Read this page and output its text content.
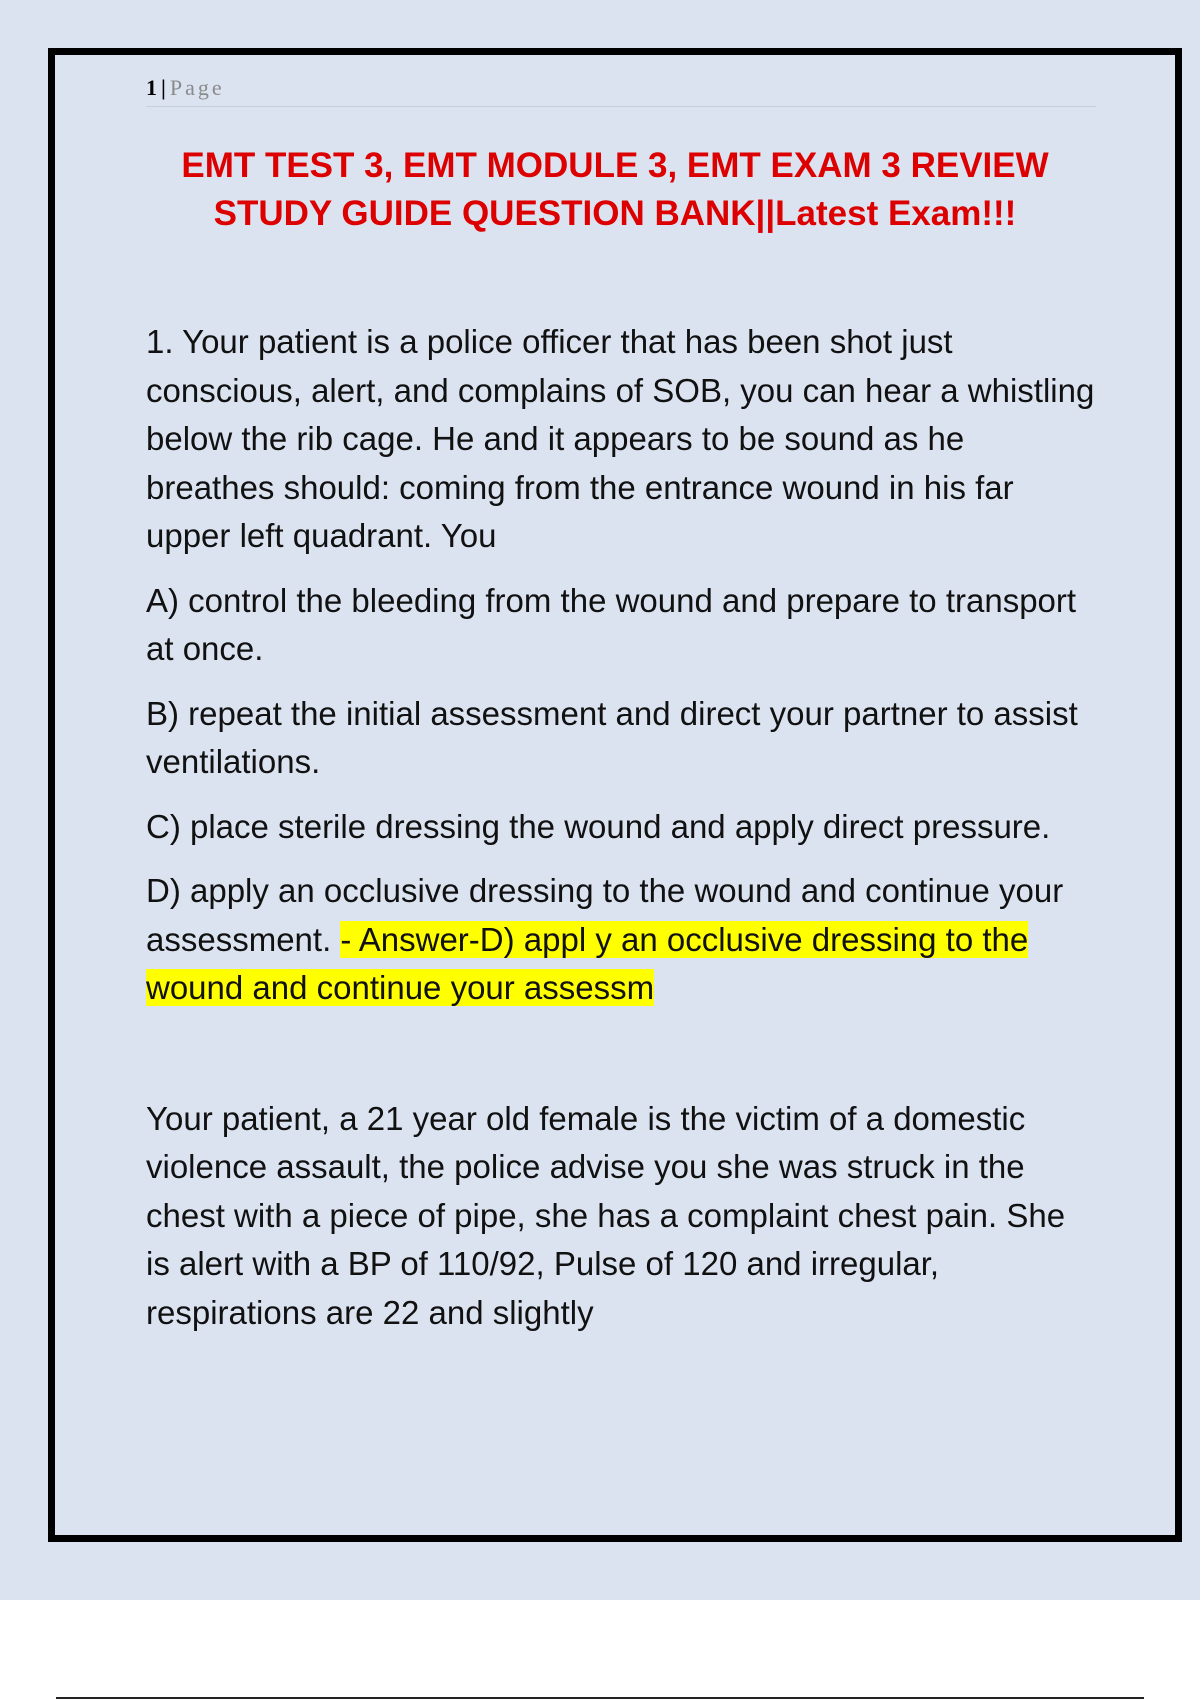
1 | Page
EMT TEST 3, EMT MODULE 3, EMT EXAM 3 REVIEW
STUDY GUIDE QUESTION BANK||Latest Exam!!!

1. Your patient is a police officer that has been shot just conscious, alert, and complains of SOB, you can hear a whistling below the rib cage. He and it appears to be sound as he breathes should: coming from the entrance wound in his far upper left quadrant. You

A) control the bleeding from the wound and prepare to transport at once.

B) repeat the initial assessment and direct your partner to assist ventilations.

C) place sterile dressing the wound and apply direct pressure.

D) apply an occlusive dressing to the wound and continue your assessment. - Answer-D) appl y an occlusive dressing to the wound and continue your assessm

Your patient, a 21 year old female is the victim of a domestic violence assault, the police advise you she was struck in the chest with a piece of pipe, she has a complaint chest pain. She is alert with a BP of 110/92, Pulse of 120 and irregular, respirations are 22 and slightly
